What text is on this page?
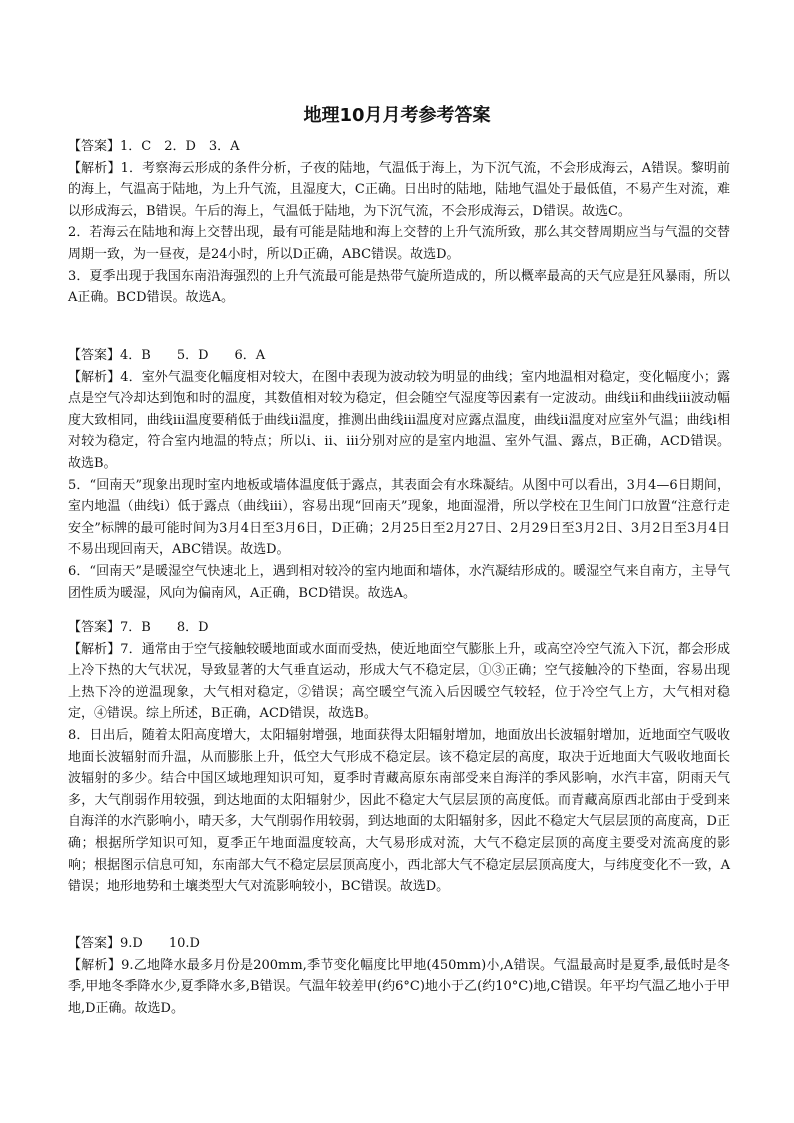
地理10月月考参考答案

【答案】1．C　2．D　3．A

【解析】1．考察海云形成的条件分析，子夜的陆地，气温低于海上，为下沉气流，不会形成海云，A错误。黎明前的海上，气温高于陆地，为上升气流，且湿度大，C正确。日出时的陆地，陆地气温处于最低值，不易产生对流，难以形成海云，B错误。午后的海上，气温低于陆地，为下沉气流，不会形成海云，D错误。故选C。

2．若海云在陆地和海上交替出现，最有可能是陆地和海上交替的上升气流所致，那么其交替周期应当与气温的交替周期一致，为一昼夜，是24小时，所以D正确，ABC错误。故选D。

3．夏季出现于我国东南沿海强烈的上升气流最可能是热带气旋所造成的，所以概率最高的天气应是狂风暴雨，所以A正确。BCD错误。故选A。

【答案】4．B　　5．D　　6．A

【解析】4．室外气温变化幅度相对较大，在图中表现为波动较为明显的曲线；室内地温相对稳定，变化幅度小；露点是空气冷却达到饱和时的温度，其数值相对较为稳定，但会随空气湿度等因素有一定波动。曲线ⅱ和曲线ⅲ波动幅度大致相同，曲线ⅲ温度要稍低于曲线ⅱ温度，推测出曲线ⅲ温度对应露点温度，曲线ⅱ温度对应室外气温；曲线ⅰ相对较为稳定，符合室内地温的特点；所以ⅰ、ⅱ、ⅲ分别对应的是室内地温、室外气温、露点，B正确，ACD错误。故选B。

5．“回南天”现象出现时室内地板或墙体温度低于露点，其表面会有水珠凝结。从图中可以看出，3月4—6日期间，室内地温（曲线ⅰ）低于露点（曲线ⅲ），容易出现“回南天”现象，地面湿滑，所以学校在卫生间门口放置“注意行走安全”标牌的最可能时间为3月4日至3月6日，D正确；2月25日至2月27日、2月29日至3月2日、3月2日至3月4日不易出现回南天，ABC错误。故选D。

6．“回南天”是暖湿空气快速北上，遇到相对较冷的室内地面和墙体，水汽凝结形成的。暖湿空气来自南方，主导气团性质为暖湿，风向为偏南风，A正确，BCD错误。故选A。

【答案】7．B　　8．D

【解析】7．通常由于空气接触较暖地面或水面而受热，使近地面空气膨胀上升，或高空冷空气流入下沉，都会形成上冷下热的大气状况，导致显著的大气垂直运动，形成大气不稳定层，①③正确；空气接触冷的下垫面，容易出现上热下冷的逆温现象，大气相对稳定，②错误；高空暖空气流入后因暖空气较轻，位于冷空气上方，大气相对稳定，④错误。综上所述，B正确，ACD错误，故选B。

8．日出后，随着太阳高度增大，太阳辐射增强，地面获得太阳辐射增加，地面放出长波辐射增加，近地面空气吸收地面长波辐射而升温，从而膨胀上升，低空大气形成不稳定层。该不稳定层的高度，取决于近地面大气吸收地面长波辐射的多少。结合中国区域地理知识可知，夏季时青藏高原东南部受来自海洋的季风影响，水汽丰富，阴雨天气多，大气削弱作用较强，到达地面的太阳辐射少，因此不稳定大气层层顶的高度低。而青藏高原西北部由于受到来自海洋的水汽影响小，晴天多，大气削弱作用较弱，到达地面的太阳辐射多，因此不稳定大气层层顶的高度高，D正确；根据所学知识可知，夏季正午地面温度较高，大气易形成对流，大气不稳定层顶的高度主要受对流高度的影响；根据图示信息可知，东南部大气不稳定层层顶高度小，西北部大气不稳定层层顶高度大，与纬度变化不一致，A错误；地形地势和土壤类型大气对流影响较小，BC错误。故选D。

【答案】9.D　　10.D

【解析】9.乙地降水最多月份是200mm,季节变化幅度比甲地(450mm)小,A错误。气温最高时是夏季,最低时是冬季,甲地冬季降水少,夏季降水多,B错误。气温年较差甲(约6°C)地小于乙(约10°C)地,C错误。年平均气温乙地小于甲地,D正确。故选D。
